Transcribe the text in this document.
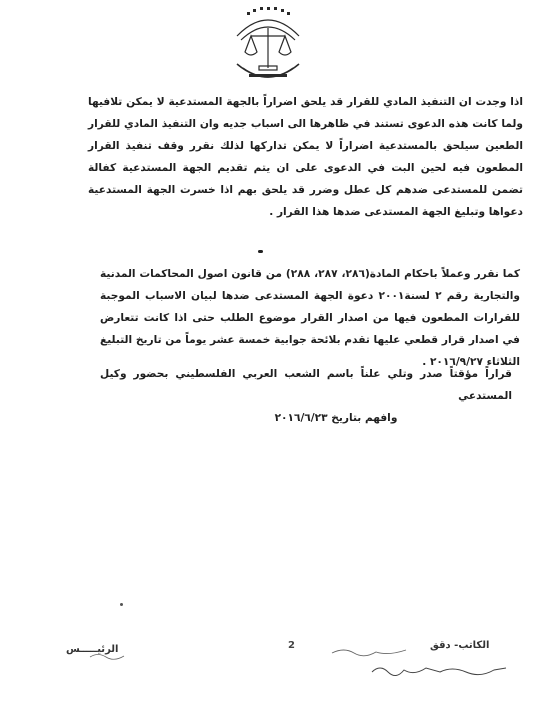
اذا وجدت ان التنفيذ المادي للقرار قد يلحق اضراراً بالجهة المستدعية لا يمكن تلافيها ولما كانت هذه الدعوى تستند في ظاهرها الى اسباب جديه وان التنفيذ المادي للقرار الطعين سيلحق بالمستدعية اضراراً لا يمكن تداركها لذلك نقرر وقف تنفيذ القرار المطعون فيه لحين البت في الدعوى على ان يتم تقديم الجهة المستدعية كفالة تضمن للمستدعى ضدهم كل عطل وضرر قد يلحق بهم اذا خسرت الجهة المستدعية دعواها وتبليغ الجهة المستدعى ضدها هذا القرار .

كما نقرر وعملاً باحكام المادة(٢٨٦، ٢٨٧، ٢٨٨) من قانون اصول المحاكمات المدنية والتجارية رقم ٢ لسنة٢٠٠١ دعوة الجهة المستدعى ضدها لبيان الاسباب الموجبة للقرارات المطعون فيها من اصدار القرار موضوع الطلب حتى اذا كانت تتعارض في اصدار قرار قطعي عليها تقدم بلائحة جوابية خمسة عشر يوماً من تاريخ التبليغ الثلاثاء ٢٠١٦/٩/٢٧ .

قراراً مؤقتاً صدر وتلي علناً باسم الشعب العربي الفلسطيني بحضور وكيل المستدعي
وافهم بتاريخ ٢٠١٦/٦/٢٣

الرئيـــــس	2	الكاتب- دقق
